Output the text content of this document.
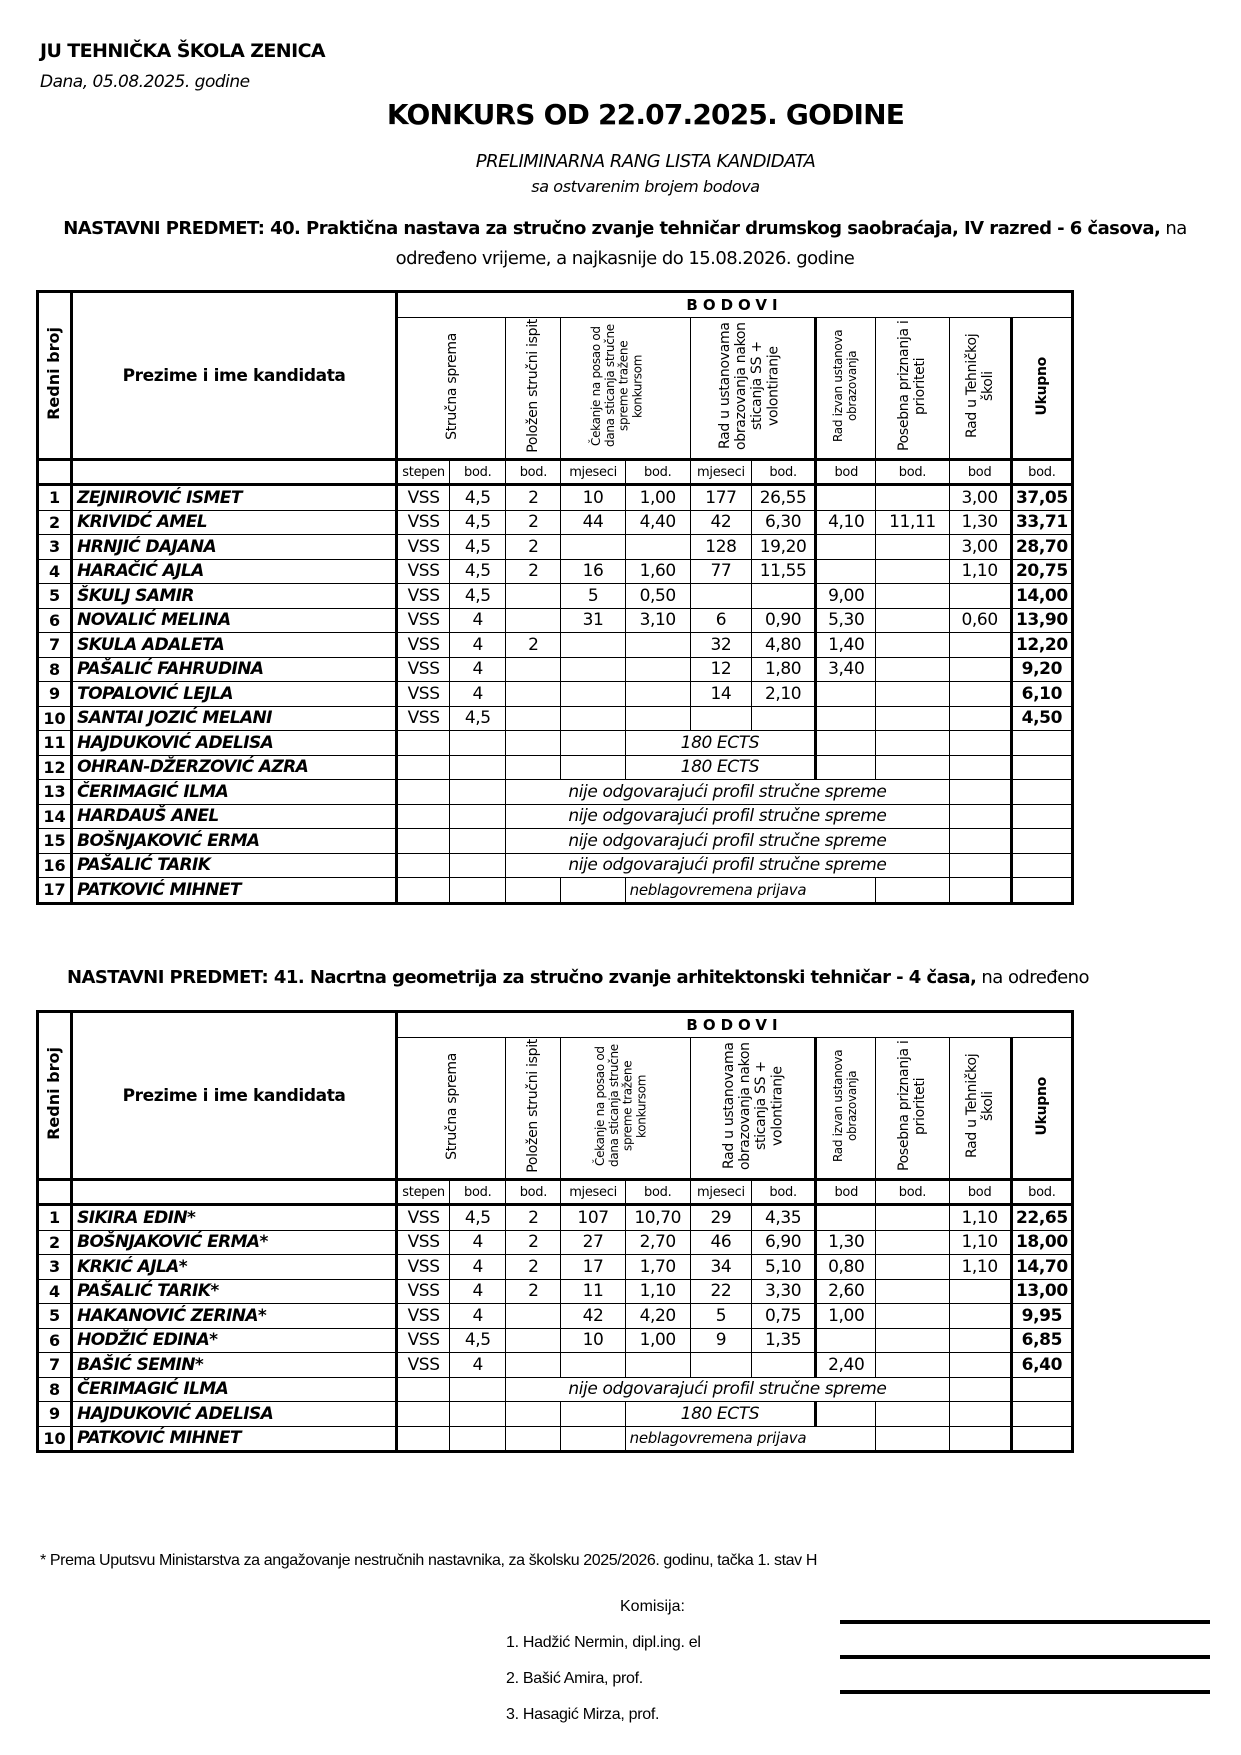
JU TEHNIČKA ŠKOLA ZENICA
Dana, 05.08.2025. godine
KONKURS OD 22.07.2025. GODINE
PRELIMINARNA RANG LISTA KANDIDATA
sa ostvarenim brojem bodova
NASTAVNI PREDMET: 40. Praktična nastava za stručno zvanje tehničar drumskog saobraćaja, IV razred - 6 časova, na određeno vrijeme, a najkasnije do 15.08.2026. godine
Redni broj	Prezime i ime kandidata	BODOVI										
		Stručna sprema		Položen stručni ispit	Čekanje na posao od dana sticanja stručne spreme tražene konkursom		Rad u ustanovama obrazovanja nakon sticanja SS + volontiranje		Rad izvan ustanova obrazovanja	Posebna priznanja i prioriteti	Rad u Tehničkoj školi	Ukupno
		stepen	bod.	bod.	mjeseci	bod.	mjeseci	bod.	bod	bod.	bod	bod.
1	ZEJNIROVIĆ ISMET	VSS	4,5	2	10	1,00	177	26,55			3,00	37,05
2	KRIVIDĆ AMEL	VSS	4,5	2	44	4,40	42	6,30	4,10	11,11	1,30	33,71
3	HRNJIĆ DAJANA	VSS	4,5	2			128	19,20			3,00	28,70
4	HARAČIĆ AJLA	VSS	4,5	2	16	1,60	77	11,55			1,10	20,75
5	ŠKULJ SAMIR	VSS	4,5		5	0,50			9,00			14,00
6	NOVALIĆ MELINA	VSS	4		31	3,10	6	0,90	5,30		0,60	13,90
7	SKULA ADALETA	VSS	4	2			32	4,80	1,40			12,20
8	PAŠALIĆ FAHRUDINA	VSS	4				12	1,80	3,40			9,20
9	TOPALOVIĆ LEJLA	VSS	4				14	2,10				6,10
10	SANTAI JOZIĆ MELANI	VSS	4,5									4,50
11	HAJDUKOVIĆ ADELISA					180 ECTS						
12	OHRAN-DŽERZOVIĆ AZRA					180 ECTS						
13	ČERIMAGIĆ ILMA			nije odgovarajući profil stručne spreme								
14	HARDAUŠ ANEL			nije odgovarajući profil stručne spreme								
15	BOŠNJAKOVIĆ ERMA			nije odgovarajući profil stručne spreme								
16	PAŠALIĆ TARIK			nije odgovarajući profil stručne spreme								
17	PATKOVIĆ MIHNET					neblagovremena prijava						
NASTAVNI PREDMET: 41. Nacrtna geometrija za stručno zvanje arhitektonski tehničar - 4 časa, na određeno
Redni broj	Prezime i ime kandidata	BODOVI										
		Stručna sprema		Položen stručni ispit	Čekanje na posao od dana sticanja stručne spreme tražene konkursom		Rad u ustanovama obrazovanja nakon sticanja SS + volontiranje		Rad izvan ustanova obrazovanja	Posebna priznanja i prioriteti	Rad u Tehničkoj školi	Ukupno
		stepen	bod.	bod.	mjeseci	bod.	mjeseci	bod.	bod	bod.	bod	bod.
1	SIKIRA EDIN*	VSS	4,5	2	107	10,70	29	4,35			1,10	22,65
2	BOŠNJAKOVIĆ ERMA*	VSS	4	2	27	2,70	46	6,90	1,30		1,10	18,00
3	KRKIĆ AJLA*	VSS	4	2	17	1,70	34	5,10	0,80		1,10	14,70
4	PAŠALIĆ TARIK*	VSS	4	2	11	1,10	22	3,30	2,60			13,00
5	HAKANOVIĆ ZERINA*	VSS	4		42	4,20	5	0,75	1,00			9,95
6	HODŽIĆ EDINA*	VSS	4,5		10	1,00	9	1,35				6,85
7	BAŠIĆ SEMIN*	VSS	4						2,40			6,40
8	ČERIMAGIĆ ILMA			nije odgovarajući profil stručne spreme								
9	HAJDUKOVIĆ ADELISA					180 ECTS						
10	PATKOVIĆ MIHNET					neblagovremena prijava						
* Prema Uputsvu Ministarstva za angažovanje nestručnih nastavnika, za školsku 2025/2026. godinu, tačka 1. stav H
Komisija:
1. Hadžić Nermin, dipl.ing. el
2. Bašić Amira, prof.
3. Hasagić Mirza, prof.
